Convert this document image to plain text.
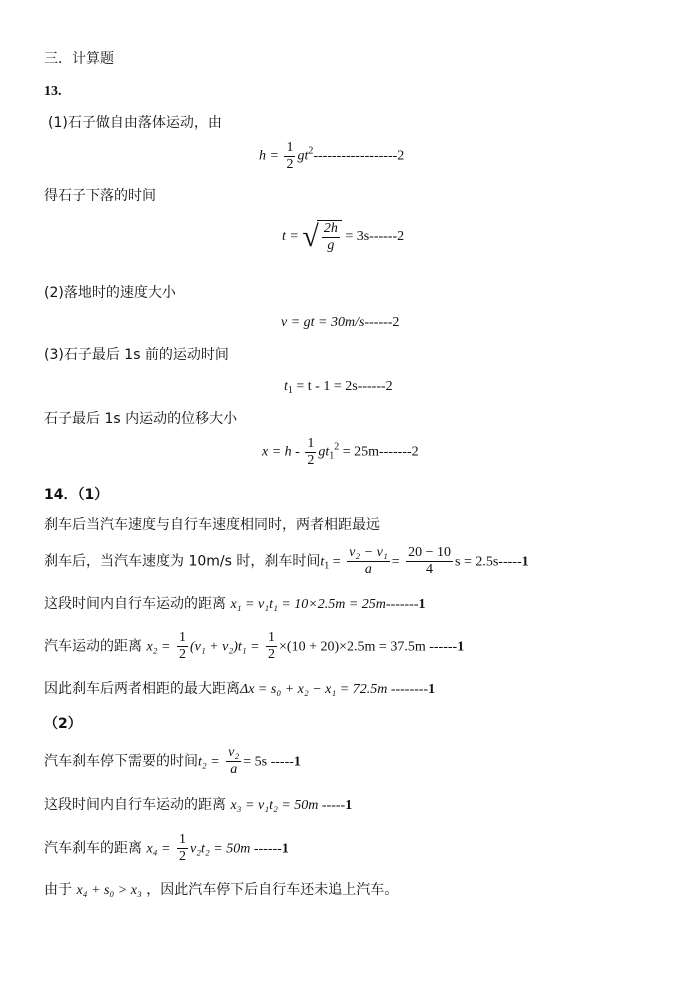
三．计算题
13.
(1)石子做自由落体运动，由
$h = \frac{1}{2} gt^2------------------2$
得石子下落的时间
t = √ $\frac{2h}{g} = 3s------2$
(2)落地时的速度大小
v = gt = 30m/s------2
(3)石子最后 1s 前的运动时间
$t_1 = t - 1 = 2s------2$
石子最后 1s 内运动的位移大小
$x = h - \frac{1}{2} gt_1^2 = 25m-------2$
14．（1）
刹车后当汽车速度与自行车速度相同时，两者相距最远
刹车后，当汽车速度为 10m/s 时，刹车时间$t_1 = \frac{\text{v₂ − v₁}}{a} = \frac{20 - 10}{4}$ s = 2.5s-----1
这段时间内自行车运动的距离 x₁ = v₁t₁ = 10×2.5m = 25m-------1
汽车运动的距离 $x_2 = \frac{1}{2} (v_1 + v_2)t_1 = \frac{1}{2} \times(10 + 20)\times 2.5m = 37.5m$ ------1
因此刹车后两者相距的最大距离Δx = s₀ + x₂ − x₁ = 72.5m --------1
（2）
汽车刹车停下需要的时间$t_2 = \frac{\text{v₂}}{a} = 5s$ -----1
这段时间内自行车运动的距离 x₃ = v₁t₂ = 50m -----1
汽车刹车的距离 $x_4 = \frac{1}{2} v_2t_2 = 50m$ ------1
由于 x₄ + s₀ > x₃ ，因此汽车停下后自行车还未追上汽车。
